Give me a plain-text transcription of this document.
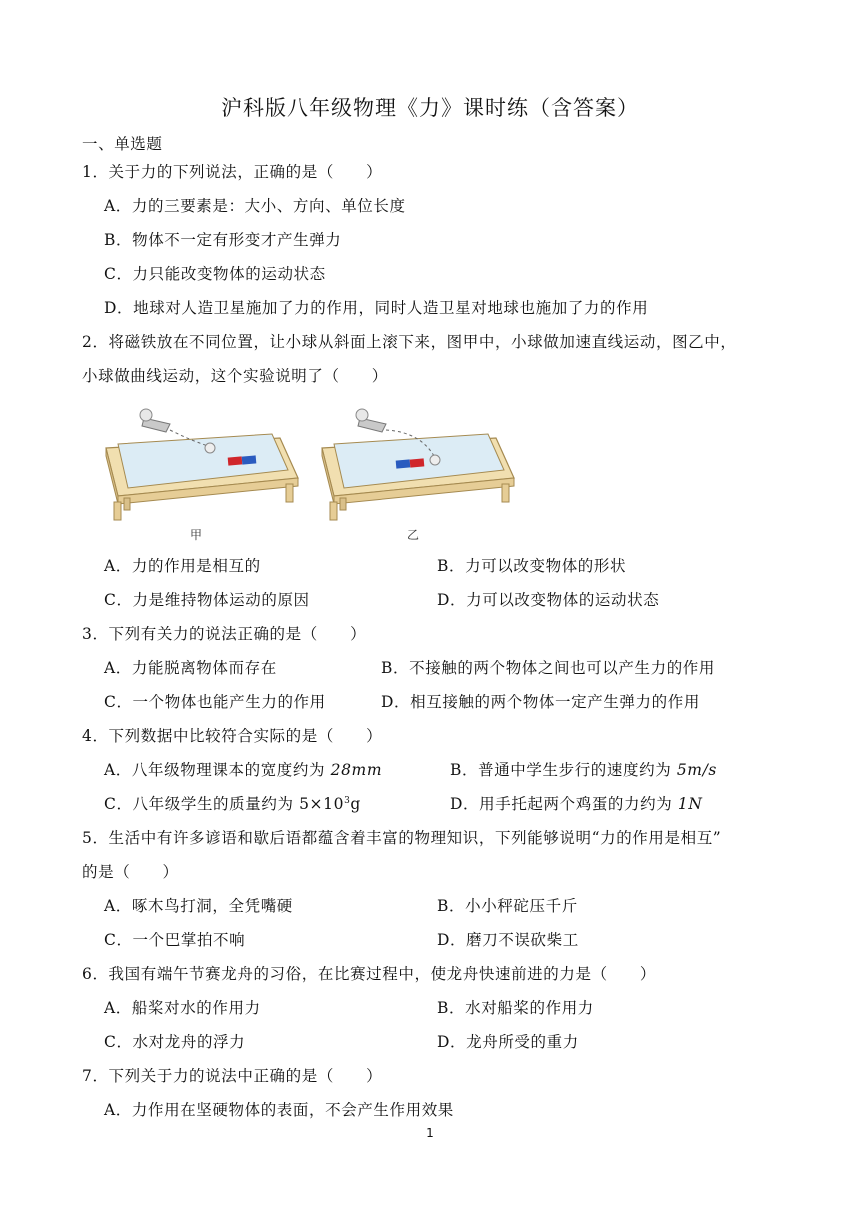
沪科版八年级物理《力》课时练（含答案）
一、单选题
1．关于力的下列说法，正确的是（　　）
A．力的三要素是：大小、方向、单位长度
B．物体不一定有形变才产生弹力
C．力只能改变物体的运动状态
D．地球对人造卫星施加了力的作用，同时人造卫星对地球也施加了力的作用
2．将磁铁放在不同位置，让小球从斜面上滚下来，图甲中，小球做加速直线运动，图乙中，
小球做曲线运动，这个实验说明了（　　）
甲	乙
A．力的作用是相互的	B．力可以改变物体的形状
C．力是维持物体运动的原因	D．力可以改变物体的运动状态
3．下列有关力的说法正确的是（　　）
A．力能脱离物体而存在	B．不接触的两个物体之间也可以产生力的作用
C．一个物体也能产生力的作用	D．相互接触的两个物体一定产生弹力的作用
4．下列数据中比较符合实际的是（　　）
A．八年级物理课本的宽度约为 28mm	B．普通中学生步行的速度约为 5m/s
C．八年级学生的质量约为 $5\times 10^3g$	D．用手托起两个鸡蛋的力约为 1N
5．生活中有许多谚语和歇后语都蕴含着丰富的物理知识，下列能够说明“力的作用是相互”
的是（　　）
A．啄木鸟打洞，全凭嘴硬	B．小小秤砣压千斤
C．一个巴掌拍不响	D．磨刀不误砍柴工
6．我国有端午节赛龙舟的习俗，在比赛过程中，使龙舟快速前进的力是（　　）
A．船桨对水的作用力	B．水对船桨的作用力
C．水对龙舟的浮力	D．龙舟所受的重力
7．下列关于力的说法中正确的是（　　）
A．力作用在坚硬物体的表面，不会产生作用效果
1
